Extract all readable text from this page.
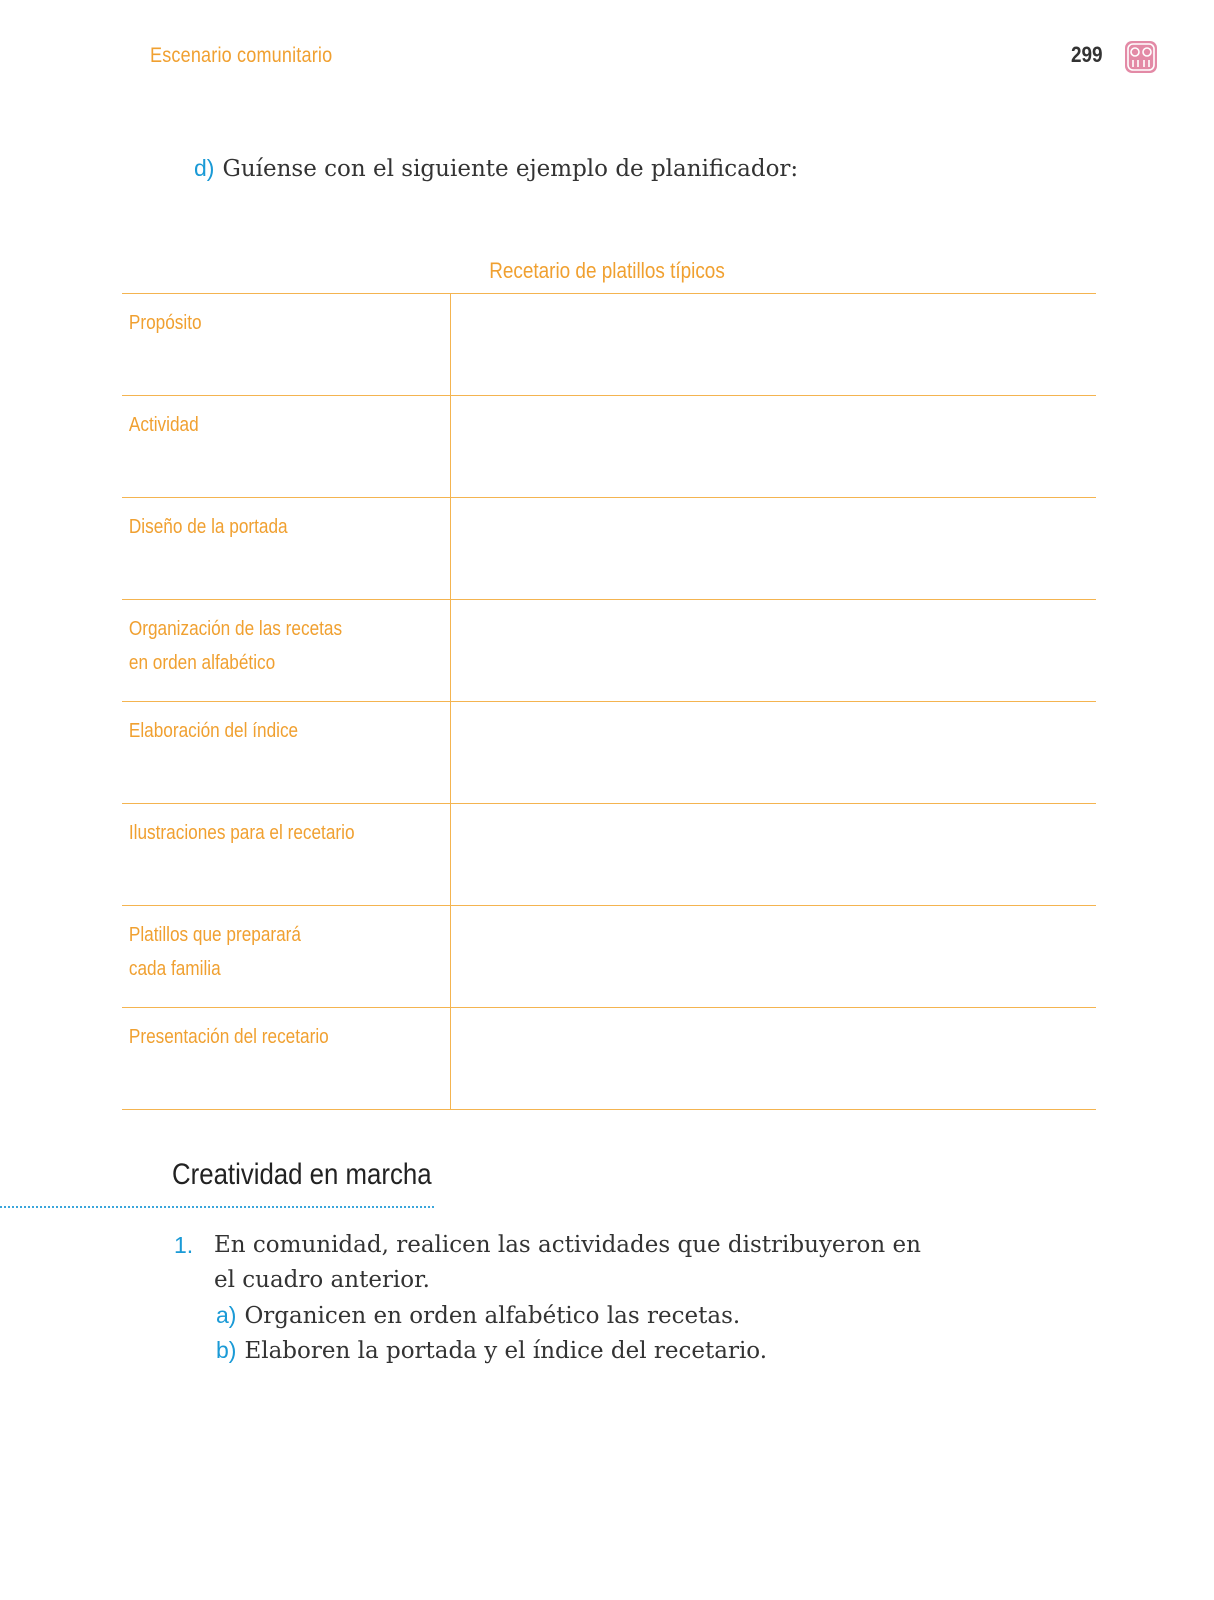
Escenario comunitario	299
d) Guíense con el siguiente ejemplo de planificador:
Recetario de platillos típicos
Propósito	

Actividad	

Diseño de la portada	

Organización de las recetas
en orden alfabético	

Elaboración del índice	

Ilustraciones para el recetario	

Platillos que preparará
cada familia	

Presentación del recetario	

Creatividad en marcha
1. En comunidad, realicen las actividades que distribuyeron en el cuadro anterior.
a) Organicen en orden alfabético las recetas.
b) Elaboren la portada y el índice del recetario.
